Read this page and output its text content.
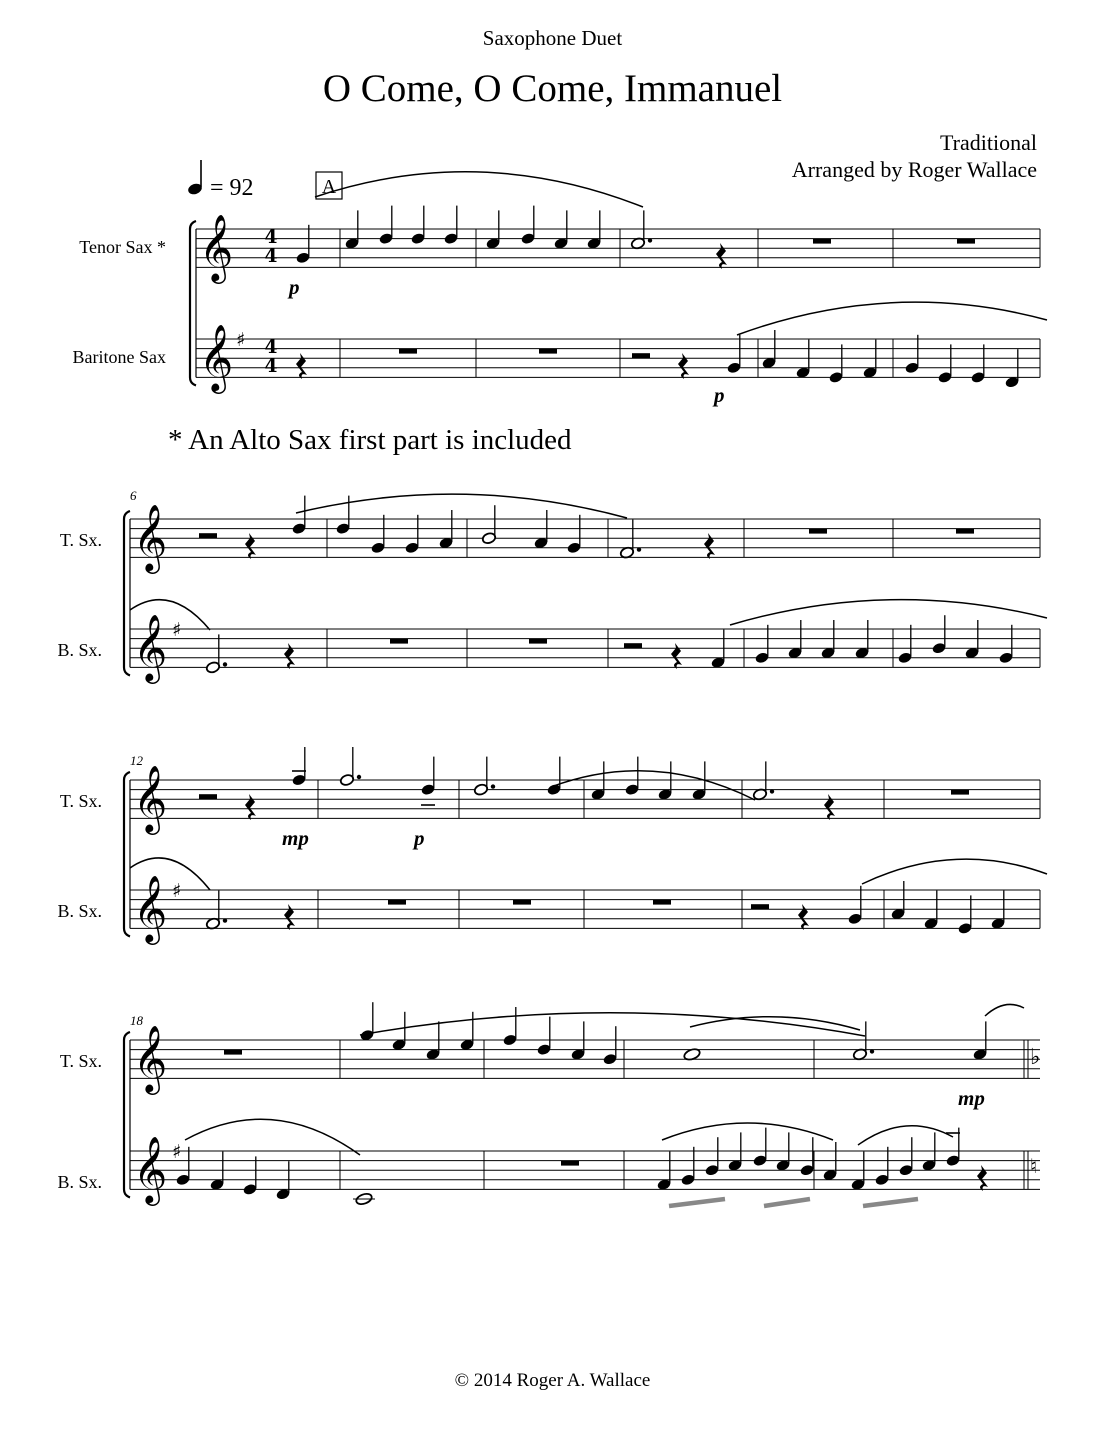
Saxophone Duet
O Come, O Come, Immanuel
Traditional
Arranged by Roger Wallace
* An Alto Sax first part is included
© 2014 Roger A. Wallace
𝄞
𝄞 ♯
𝄞
𝄞 ♯
𝄞
𝄞 ♯
𝄞
𝄞 ♯
♭
♮
= 92	A
Tenor Sax *
Baritone Sax
T. Sx.
B. Sx.
T. Sx.
B. Sx.
T. Sx.
B. Sx.
6
12
18
4
4
4
4
p
p
mp	p
mp
